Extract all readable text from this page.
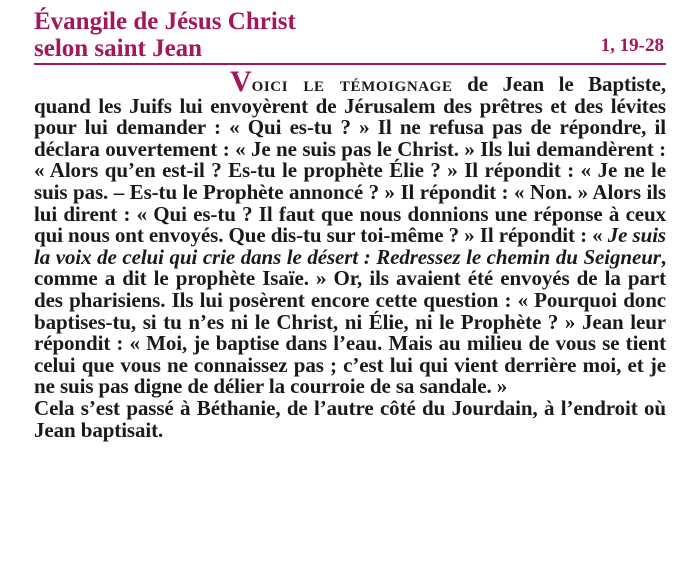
Évangile de Jésus Christ
selon saint Jean	1, 19-28
Voici le témoignage de Jean le Baptiste, quand les Juifs lui envoyèrent de Jérusalem des prêtres et des lévites pour lui demander : « Qui es-tu ? » Il ne refusa pas de répondre, il déclara ouvertement : « Je ne suis pas le Christ. » Ils lui demandèrent : « Alors qu’en est-il ? Es-tu le prophète Élie ? » Il répondit : « Je ne le suis pas. – Es-tu le Prophète annoncé ? » Il répondit : « Non. » Alors ils lui dirent : « Qui es-tu ? Il faut que nous donnions une réponse à ceux qui nous ont envoyés. Que dis-tu sur toi-même ? » Il répondit : « Je suis la voix de celui qui crie dans le désert : Redressez le chemin du Seigneur, comme a dit le prophète Isaïe. » Or, ils avaient été envoyés de la part des pharisiens. Ils lui posèrent encore cette question : « Pourquoi donc baptises-tu, si tu n’es ni le Christ, ni Élie, ni le Prophète ? » Jean leur répondit : « Moi, je baptise dans l’eau. Mais au milieu de vous se tient celui que vous ne connaissez pas ; c’est lui qui vient derrière moi, et je ne suis pas digne de délier la courroie de sa sandale. »
Cela s’est passé à Béthanie, de l’autre côté du Jourdain, à l’endroit où Jean baptisait.
